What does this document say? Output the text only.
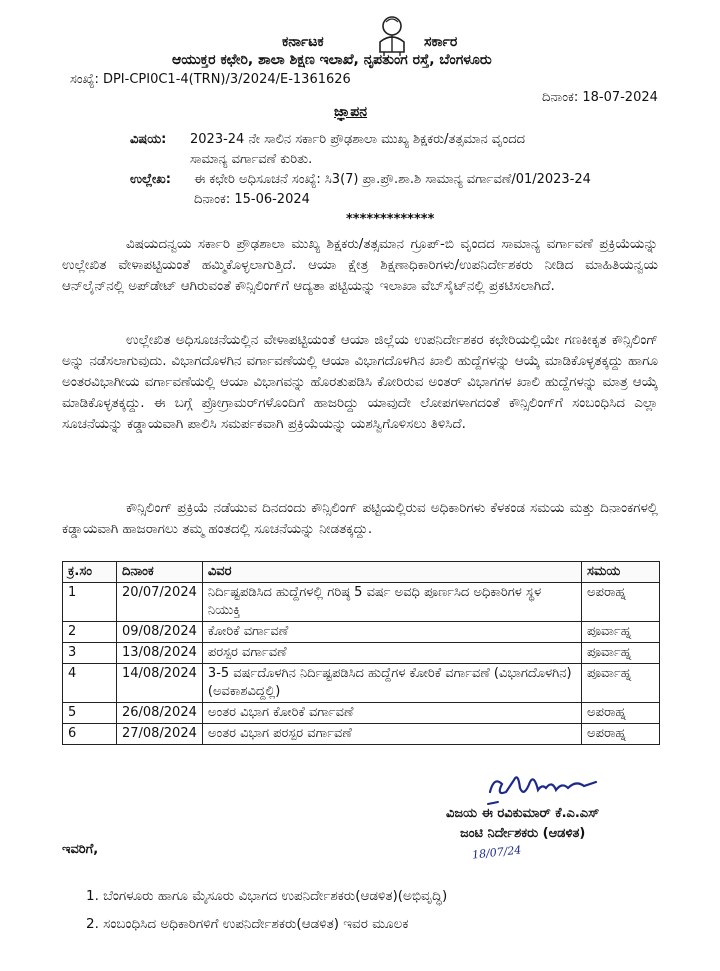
ಕರ್ನಾಟಕ	ಸರ್ಕಾರ
ಆಯುಕ್ತರ ಕಛೇರಿ, ಶಾಲಾ ಶಿಕ್ಷಣ ಇಲಾಖೆ, ನೃಪತುಂಗ ರಸ್ತೆ, ಬೆಂಗಳೂರು
ಸಂಖ್ಯೆ: DPI-CPI0C1-4(TRN)/3/2024/E-1361626
ದಿನಾಂಕ: 18-07-2024
ಜ್ಞಾಪನ
ವಿಷಯ: 2023-24 ನೇ ಸಾಲಿನ ಸರ್ಕಾರಿ ಪ್ರೌಢಶಾಲಾ ಮುಖ್ಯ ಶಿಕ್ಷಕರು/ತತ್ಸಮಾನ ವೃಂದದ
ಸಾಮಾನ್ಯ ವರ್ಗಾವಣೆ ಕುರಿತು.
ಉಲ್ಲೇಖ: ಈ ಕಛೇರಿ ಅಧಿಸೂಚನೆ ಸಂಖ್ಯೆ: ಸಿ3(7) ಪ್ರಾ.ಪ್ರೌ.ಶಾ.ಶಿ ಸಾಮಾನ್ಯ ವರ್ಗಾವಣೆ/01/2023-24
ದಿನಾಂಕ: 15-06-2024
*************
ವಿಷಯದನ್ವಯ ಸರ್ಕಾರಿ ಪ್ರೌಢಶಾಲಾ ಮುಖ್ಯ ಶಿಕ್ಷಕರು/ತತ್ಸಮಾನ ಗ್ರೂಪ್-ಬಿ ವೃಂದದ ಸಾಮಾನ್ಯ ವರ್ಗಾವಣೆ ಪ್ರಕ್ರಿಯೆಯನ್ನು ಉಲ್ಲೇಖಿತ ವೇಳಾಪಟ್ಟಿಯಂತೆ ಹಮ್ಮಿಕೊಳ್ಳಲಾಗುತ್ತಿದೆ. ಆಯಾ ಕ್ಷೇತ್ರ ಶಿಕ್ಷಣಾಧಿಕಾರಿಗಳು/ಉಪನಿರ್ದೇಶಕರು ನೀಡಿದ ಮಾಹಿತಿಯನ್ವಯ ಆನ್‌ಲೈನ್‌ನಲ್ಲಿ ಅಪ್‌ಡೇಟ್ ಆಗಿರುವಂತೆ ಕೌನ್ಸಿಲಿಂಗ್‌ಗೆ ಆದ್ಯತಾ ಪಟ್ಟಿಯನ್ನು ಇಲಾಖಾ ವೆಬ್‌ಸೈಟ್‌ನಲ್ಲಿ ಪ್ರಕಟಿಸಲಾಗಿದೆ.
ಉಲ್ಲೇಖಿತ ಅಧಿಸೂಚನೆಯಲ್ಲಿನ ವೇಳಾಪಟ್ಟಿಯಂತೆ ಆಯಾ ಜಿಲ್ಲೆಯ ಉಪನಿರ್ದೇಶಕರ ಕಛೇರಿಯಲ್ಲಿಯೇ ಗಣಕೀಕೃತ ಕೌನ್ಸಿಲಿಂಗ್ ಅನ್ನು ನಡೆಸಲಾಗುವುದು. ವಿಭಾಗದೊಳಗಿನ ವರ್ಗಾವಣೆಯಲ್ಲಿ ಆಯಾ ವಿಭಾಗದೊಳಗಿನ ಖಾಲಿ ಹುದ್ದೆಗಳನ್ನು ಆಯ್ಕೆ ಮಾಡಿಕೊಳ್ಳತಕ್ಕದ್ದು ಹಾಗೂ ಅಂತರವಿಭಾಗೀಯ ವರ್ಗಾವಣೆಯಲ್ಲಿ ಆಯಾ ವಿಭಾಗವನ್ನು ಹೊರತುಪಡಿಸಿ ಕೋರಿರುವ ಅಂತರ್ ವಿಭಾಗಗಳ ಖಾಲಿ ಹುದ್ದೆಗಳನ್ನು ಮಾತ್ರ ಆಯ್ಕೆ ಮಾಡಿಕೊಳ್ಳತಕ್ಕದ್ದು. ಈ ಬಗ್ಗೆ ಪ್ರೋಗ್ರಾಮರ್‌ಗಳೊಂದಿಗೆ ಹಾಜರಿದ್ದು ಯಾವುದೇ ಲೋಪಗಳಾಗದಂತೆ ಕೌನ್ಸಿಲಿಂಗ್‌ಗೆ ಸಂಬಂಧಿಸಿದ ಎಲ್ಲಾ ಸೂಚನೆಯನ್ನು ಕಡ್ಡಾಯವಾಗಿ ಪಾಲಿಸಿ ಸಮರ್ಪಕವಾಗಿ ಪ್ರಕ್ರಿಯೆಯನ್ನು ಯಶಸ್ವಿಗೊಳಿಸಲು ತಿಳಿಸಿದೆ.
ಕೌನ್ಸಿಲಿಂಗ್ ಪ್ರಕ್ರಿಯೆ ನಡೆಯುವ ದಿನದಂದು ಕೌನ್ಸಿಲಿಂಗ್ ಪಟ್ಟಿಯಲ್ಲಿರುವ ಅಧಿಕಾರಿಗಳು ಕೆಳಕಂಡ ಸಮಯ ಮತ್ತು ದಿನಾಂಕಗಳಲ್ಲಿ ಕಡ್ಡಾಯವಾಗಿ ಹಾಜರಾಗಲು ತಮ್ಮ ಹಂತದಲ್ಲಿ ಸೂಚನೆಯನ್ನು ನೀಡತಕ್ಕದ್ದು.
ಕ್ರ.ಸಂ	ದಿನಾಂಕ	ವಿವರ	ಸಮಯ
1	20/07/2024	ನಿರ್ದಿಷ್ಟಪಡಿಸಿದ ಹುದ್ದೆಗಳಲ್ಲಿ ಗರಿಷ್ಠ 5 ವರ್ಷ ಅವಧಿ ಪೂರ್ಣಸಿದ ಅಧಿಕಾರಿಗಳ ಸ್ಥಳ ನಿಯುಕ್ತಿ	ಅಪರಾಹ್ನ
2	09/08/2024	ಕೋರಿಕೆ ವರ್ಗಾವಣೆ	ಪೂರ್ವಾಹ್ನ
3	13/08/2024	ಪರಸ್ಪರ ವರ್ಗಾವಣೆ	ಪೂರ್ವಾಹ್ನ
4	14/08/2024	3-5 ವರ್ಷದೊಳಗಿನ ನಿರ್ದಿಷ್ಟಪಡಿಸಿದ ಹುದ್ದೆಗಳ ಕೋರಿಕೆ ವರ್ಗಾವಣೆ (ವಿಭಾಗದೊಳಗಿನ) (ಅವಕಾಶವಿದ್ದಲ್ಲಿ)	ಪೂರ್ವಾಹ್ನ
5	26/08/2024	ಅಂತರ ವಿಭಾಗ ಕೋರಿಕೆ ವರ್ಗಾವಣೆ	ಅಪರಾಹ್ನ
6	27/08/2024	ಅಂತರ ವಿಭಾಗ ಪರಸ್ಪರ ವರ್ಗಾವಣೆ	ಅಪರಾಹ್ನ
ವಿಜಯ ಈ ರವಿಕುಮಾರ್ ಕೆ.ಎ.ಎಸ್
ಜಂಟಿ ನಿರ್ದೇಶಕರು (ಆಡಳಿತ)
18/07/24
ಇವರಿಗೆ,
1. ಬೆಂಗಳೂರು ಹಾಗೂ ಮೈಸೂರು ವಿಭಾಗದ ಉಪನಿರ್ದೇಶಕರು(ಆಡಳಿತ)(ಅಭಿವೃದ್ಧಿ)
2. ಸಂಬಂಧಿಸಿದ ಅಧಿಕಾರಿಗಳಿಗೆ ಉಪನಿರ್ದೇಶಕರು(ಆಡಳಿತ) ಇವರ ಮೂಲಕ
